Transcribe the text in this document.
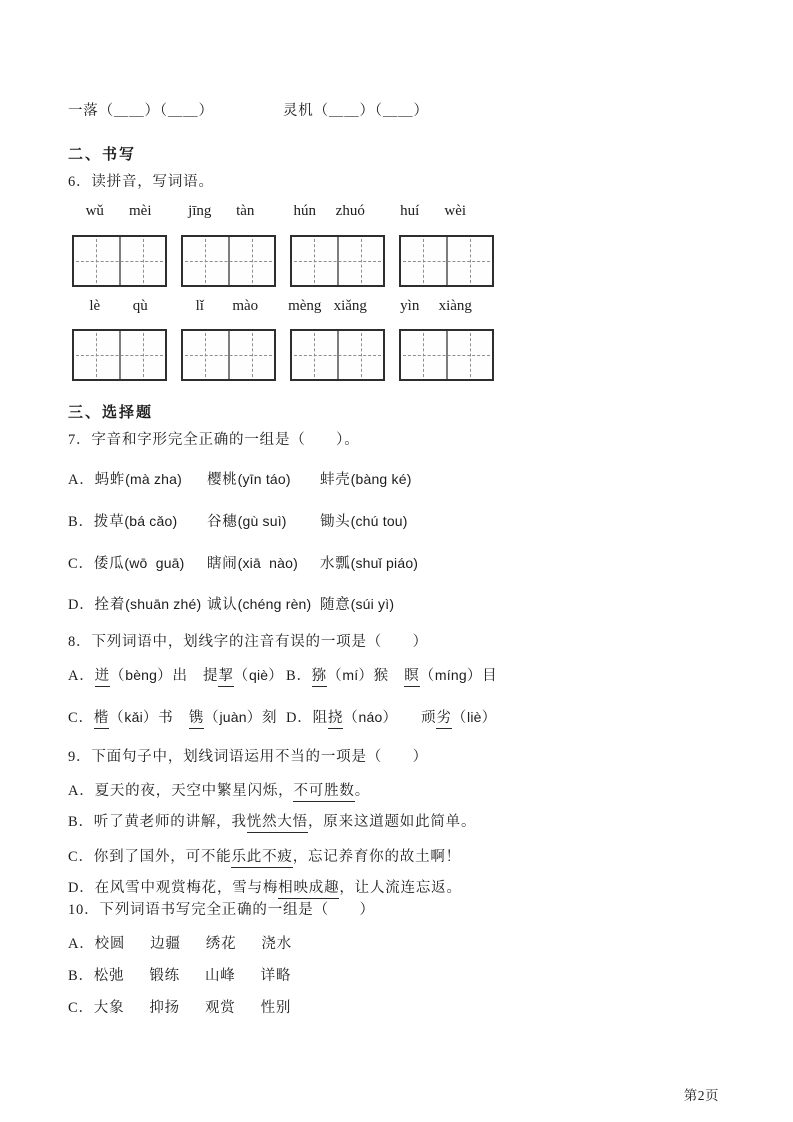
一落（＿＿）（＿＿）	灵机（＿＿）（＿＿）
二、书写
6．读拼音，写词语。
wǔ	mèi	jīng	tàn	hún	zhuó	huí	wèi
lè	qù	lǐ	mào	mèng xiǎng	yìn	xiàng
三、选择题
7．字音和字形完全正确的一组是（　　）。
A．蚂蚱(mà zha)	樱桃(yīn táo)	蚌壳(bàng ké)
B．拨草(bá cǎo)	谷穗(gù suì)	锄头(chú tou)
C．倭瓜(wō  guā)	瞎闹(xiā  nào)	水瓢(shuǐ piáo)
D．拴着(shuān zhé) 诚认(chéng rèn) 随意(súi yì)
8．下列词语中，划线字的注音有误的一项是（　　）
A．迸（bèng）出　提挈（qiè） B．猕（mí）猴　瞑（míng）目
C．楷（kǎi）书　镌（juàn）刻 D．阻挠（náo）　　顽劣（liè）
9．下面句子中，划线词语运用不当的一项是（　　）
A．夏天的夜，天空中繁星闪烁，不可胜数。
B．听了黄老师的讲解，我恍然大悟，原来这道题如此简单。
C．你到了国外，可不能乐此不疲，忘记养育你的故土啊！
D．在风雪中观赏梅花，雪与梅相映成趣，让人流连忘返。
10．下列词语书写完全正确的一组是（　　）
A．校圆 边疆 绣花 浇水
B．松弛 锻练 山峰 详略
C．大象 抑扬 观赏 性别
第2页
